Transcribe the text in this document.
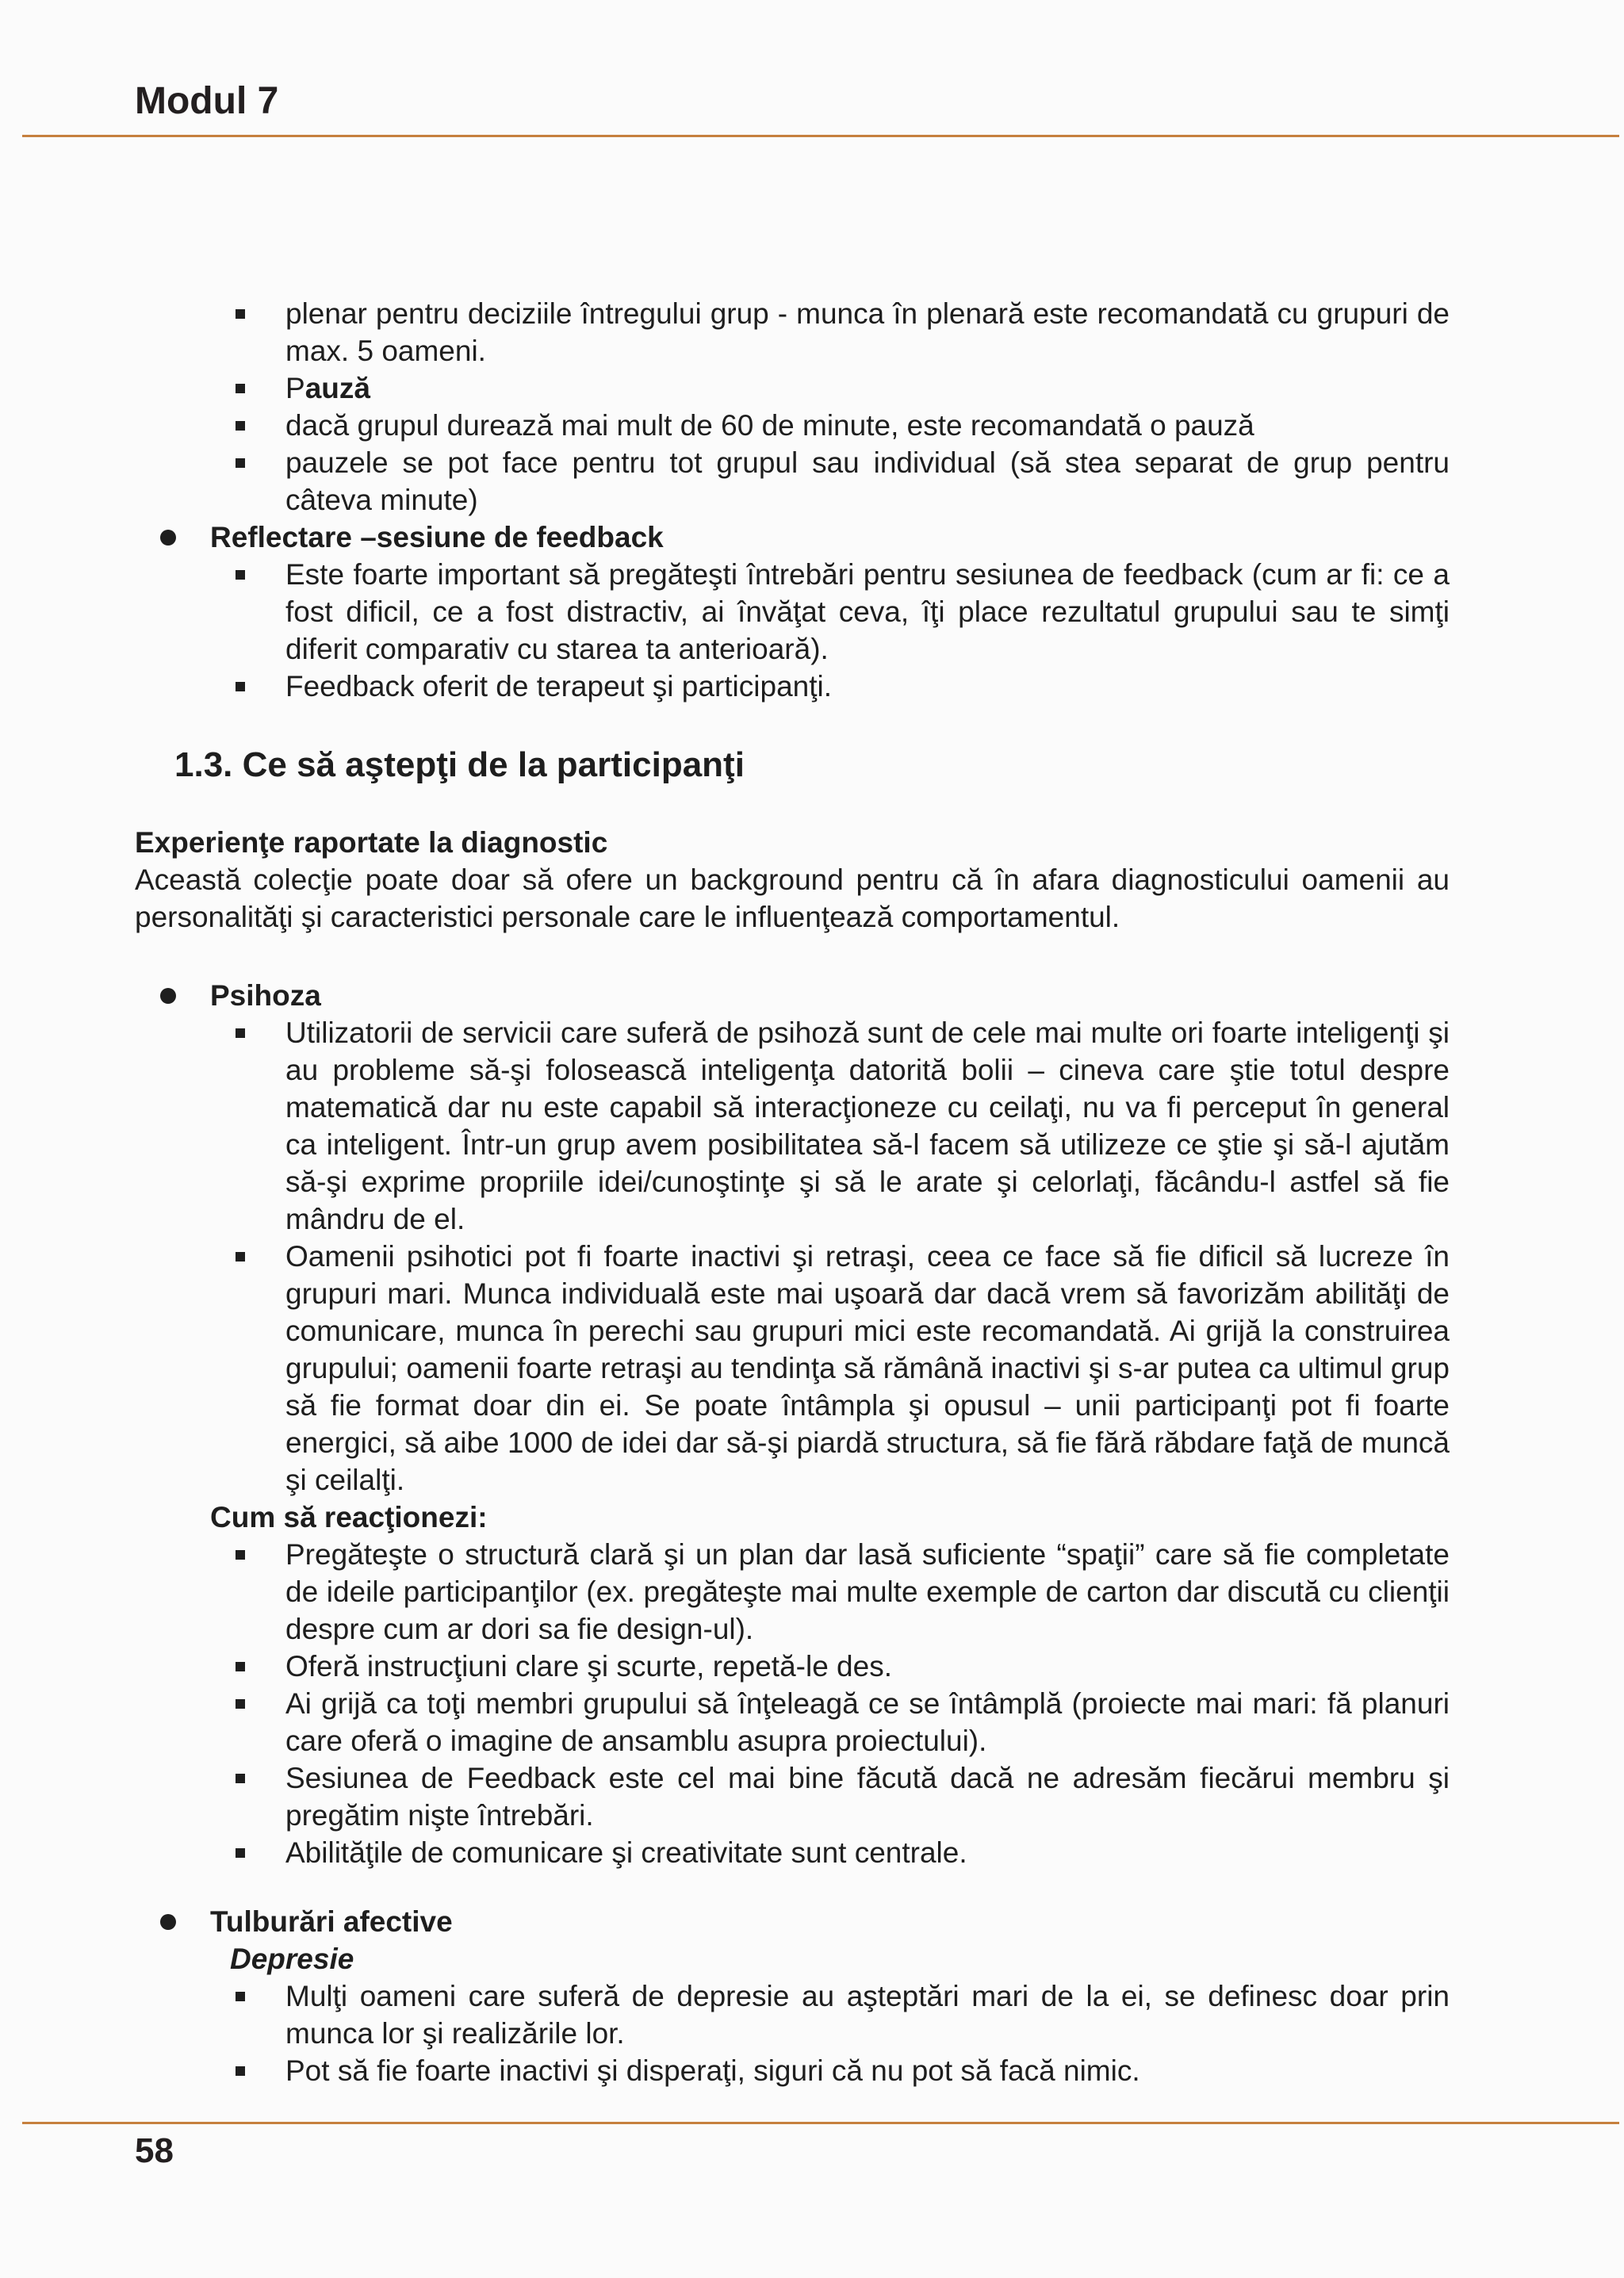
Modul 7
plenar pentru deciziile întregului grup - munca în plenară este recomandată cu grupuri de max. 5 oameni.
Pauză
dacă grupul durează mai mult de 60 de minute, este recomandată o pauză
pauzele se pot face pentru tot grupul sau individual (să stea separat de grup pentru câteva minute)
Reflectare –sesiune de feedback
Este foarte important să pregăteşti întrebări pentru sesiunea de feedback (cum ar fi: ce a fost dificil, ce a fost distractiv, ai învăţat ceva, îţi place rezultatul grupului sau te simţi diferit comparativ cu starea ta anterioară).
Feedback oferit de terapeut şi participanţi.
1.3. Ce să aştepţi de la participanţi
Experienţe raportate la diagnostic

Această colecţie poate doar să ofere un background pentru că în afara diagnosticului oamenii au personalităţi şi caracteristici personale care le influenţează comportamentul.

Psihoza
Utilizatorii de servicii care suferă de psihoză sunt de cele mai multe ori foarte inteligenţi şi au probleme să-şi folosească inteligenţa datorită bolii – cineva care ştie totul despre matematică dar nu este capabil să interacţioneze cu ceilaţi, nu va fi perceput în general ca inteligent. Într-un grup avem posibilitatea să-l facem să utilizeze ce ştie şi să-l ajutăm să-şi exprime propriile idei/cunoştinţe şi să le arate şi celorlaţi, făcându-l astfel să fie mândru de el.
Oamenii psihotici pot fi foarte inactivi şi retraşi, ceea ce face să fie dificil să lucreze în grupuri mari. Munca individuală este mai uşoară dar dacă vrem să favorizăm abilităţi de comunicare, munca în perechi sau grupuri mici este recomandată. Ai grijă la construirea grupului; oamenii foarte retraşi au tendinţa să rămână inactivi şi s-ar putea ca ultimul grup să fie format doar din ei. Se poate întâmpla şi opusul – unii participanţi pot fi foarte energici, să aibe 1000 de idei dar să-şi piardă structura, să fie fără răbdare faţă de muncă şi ceilalţi.
Cum să reacţionezi:
Pregăteşte o structură clară şi un plan dar lasă suficiente “spaţii” care să fie completate de ideile participanţilor (ex. pregăteşte mai multe exemple de carton dar discută cu clienţii despre cum ar dori sa fie design-ul).
Oferă instrucţiuni clare şi scurte, repetă-le des.
Ai grijă ca toţi membri grupului să înţeleagă ce se întâmplă (proiecte mai mari: fă planuri care oferă o imagine de ansamblu asupra proiectului).
Sesiunea de Feedback este cel mai bine făcută dacă ne adresăm fiecărui membru şi pregătim nişte întrebări.
Abilităţile de comunicare şi creativitate sunt centrale.
Tulburări afective
Depresie
Mulţi oameni care suferă de depresie au aşteptări mari de la ei, se definesc doar prin munca lor şi realizările lor.
Pot să fie foarte inactivi şi disperaţi, siguri că nu pot să facă nimic.
58
